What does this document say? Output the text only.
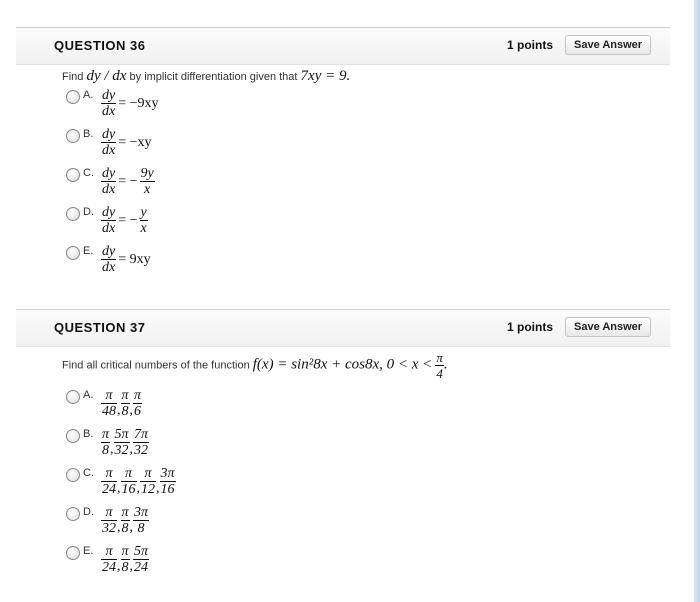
QUESTION 36	1 points	Save Answer
Find dy / dx by implicit differentiation given that 7xy = 9.
A. $\frac{dy}{dx} = -9xy$
B. $\frac{dy}{dx} = -xy$
C. $\frac{dy}{dx}$ = − $\frac{9y}{x}$
D. $\frac{dy}{dx}$ = − $\frac{y}{x}$
E. $\frac{dy}{dx} = 9xy$
QUESTION 37	1 points	Save Answer
Find all critical numbers of the function f(x) = sin²8x + cos8x, $0 < x < \frac{\pi}{4}$ .
A. $\frac{\pi}{48}$ , $\frac{\pi}{8}$ , $\frac{\pi}{6}$
B. $\frac{\pi}{8}$ , $\frac{5\pi}{32}$ , $\frac{7\pi}{32}$
C. $\frac{\pi}{24}$ , $\frac{\pi}{16}$ , $\frac{\pi}{12}$ , $\frac{3\pi}{16}$
D. $\frac{\pi}{32}$ , $\frac{\pi}{8}$ , $\frac{3\pi}{8}$
E. $\frac{\pi}{24}$ , $\frac{\pi}{8}$ , $\frac{5\pi}{24}$
